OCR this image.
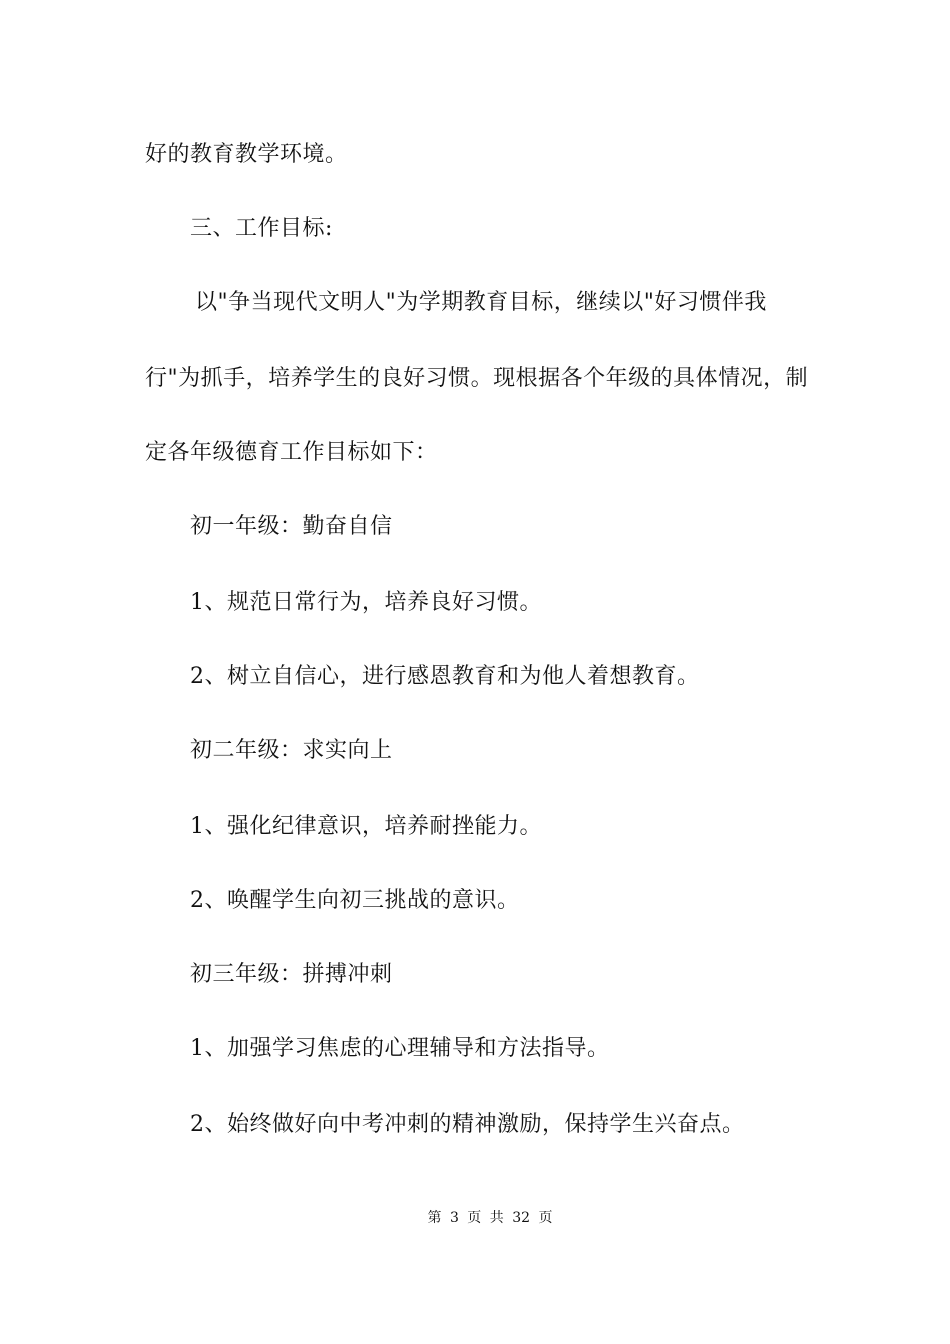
好的教育教学环境。
三、工作目标:
以"争当现代文明人"为学期教育目标，继续以"好习惯伴我
行"为抓手，培养学生的良好习惯。现根据各个年级的具体情况，制
定各年级德育工作目标如下：
初一年级：勤奋自信
1、规范日常行为，培养良好习惯。
2、树立自信心，进行感恩教育和为他人着想教育。
初二年级：求实向上
1、强化纪律意识，培养耐挫能力。
2、唤醒学生向初三挑战的意识。
初三年级：拼搏冲刺
1、加强学习焦虑的心理辅导和方法指导。
2、始终做好向中考冲刺的精神激励，保持学生兴奋点。
第 3 页 共 32 页
